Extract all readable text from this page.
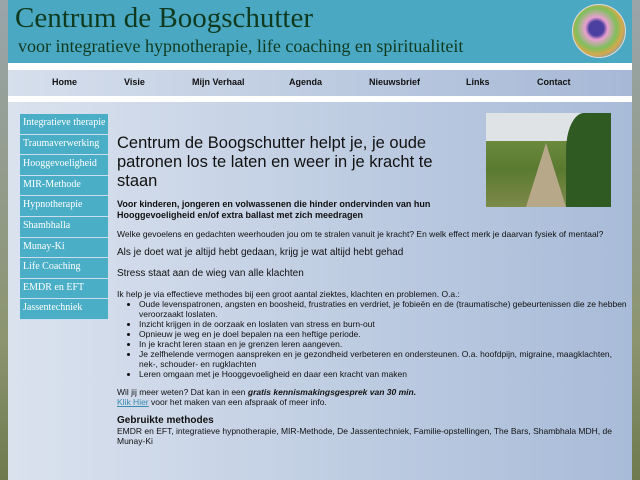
Centrum de Boogschutter
voor integratieve hypnotherapie, life coaching en spiritualiteit
Home	Visie	Mijn Verhaal	Agenda	Nieuwsbrief	Links	Contact
Integratieve therapie
Traumaverwerking
Hooggevoeligheid
MIR-Methode
Hypnotherapie
Shambhalla
Munay-Ki
Life Coaching
EMDR en EFT
Jassentechniek
Centrum de Boogschutter helpt je, je oude patronen los te laten en weer in je kracht te staan
Voor kinderen, jongeren en volwassenen die hinder ondervinden van hun Hooggevoeligheid en/of extra ballast met zich meedragen

Welke gevoelens en gedachten weerhouden jou om te stralen vanuit je kracht? En welk effect merk je daarvan fysiek of mentaal?

Als je doet wat je altijd hebt gedaan, krijg je wat altijd hebt gehad

Stress staat aan de wieg van alle klachten

Ik help je via effectieve methodes bij een groot aantal ziektes, klachten en problemen. O.a.:

• Oude levenspatronen, angsten en boosheid, frustraties en verdriet, je fobieën en de (traumatische) gebeurtenissen die ze hebben veroorzaakt loslaten.
• Inzicht krijgen in de oorzaak en loslaten van stress en burn-out
• Opnieuw je weg en je doel bepalen na een heftige periode.
• In je kracht leren staan en je grenzen leren aangeven.
• Je zelfhelende vermogen aanspreken en je gezondheid verbeteren en ondersteunen. O.a. hoofdpijn, migraine, maagklachten, nek-, schouder- en rugklachten
• Leren omgaan met je Hooggevoeligheid en daar een kracht van maken

Wil jij meer weten? Dat kan in een gratis kennismakingsgesprek van 30 min.
Klik Hier voor het maken van een afspraak of meer info.

Gebruikte methodes

EMDR en EFT, integratieve hypnotherapie, MIR-Methode, De Jassentechniek, Familie-opstellingen, The Bars, Shambhala MDH, de Munay-Ki
